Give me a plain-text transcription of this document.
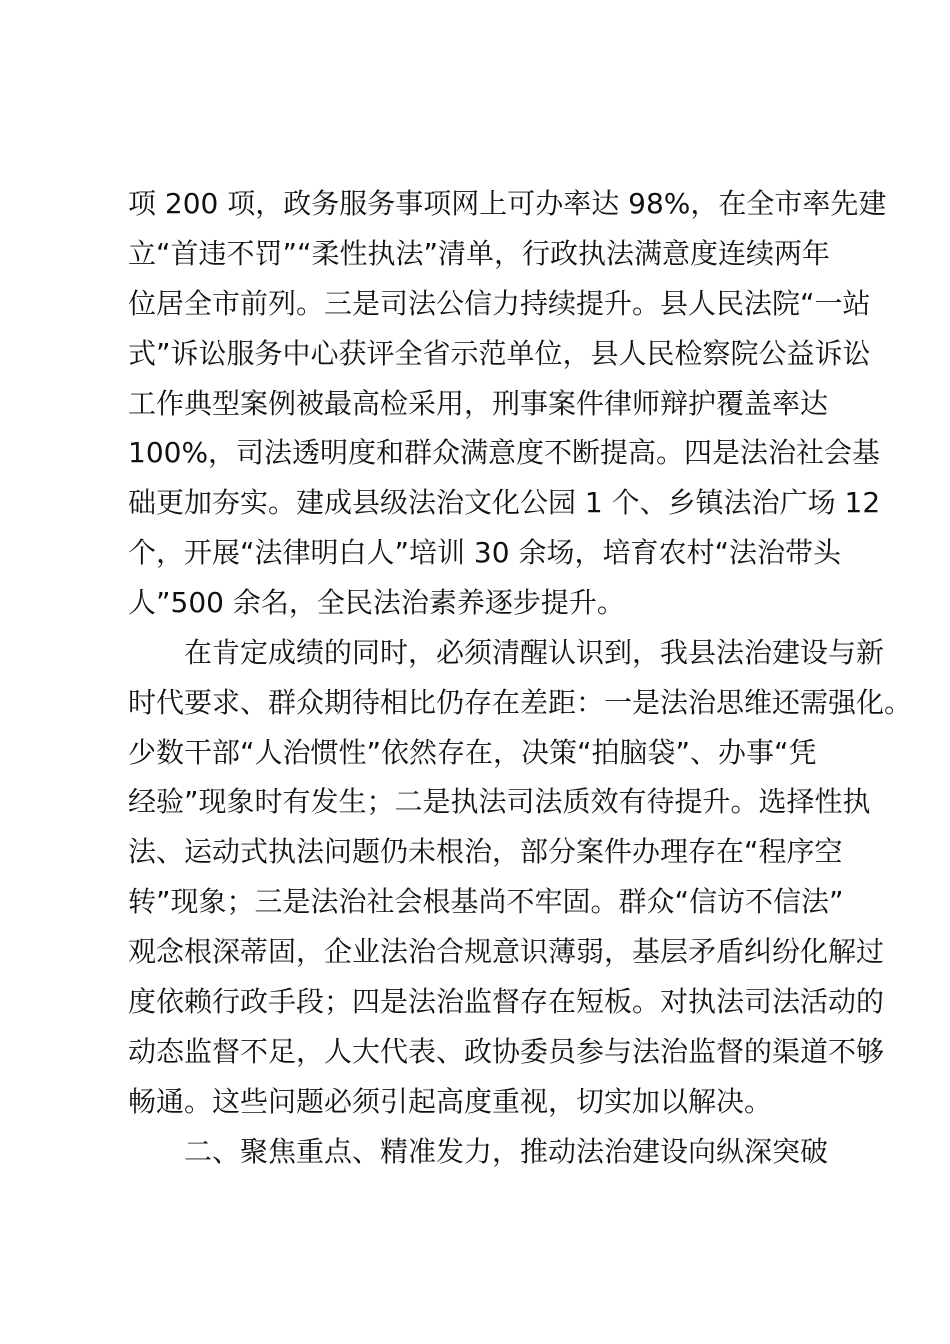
项 200 项，政务服务事项网上可办率达 98%，在全市率先建
立“首违不罚”“柔性执法”清单，行政执法满意度连续两年
位居全市前列。三是司法公信力持续提升。县人民法院“一站
式”诉讼服务中心获评全省示范单位，县人民检察院公益诉讼
工作典型案例被最高检采用，刑事案件律师辩护覆盖率达
100%，司法透明度和群众满意度不断提高。四是法治社会基
础更加夯实。建成县级法治文化公园 1 个、乡镇法治广场 12
个，开展“法律明白人”培训 30 余场，培育农村“法治带头
人”500 余名，全民法治素养逐步提升。
在肯定成绩的同时，必须清醒认识到，我县法治建设与新
时代要求、群众期待相比仍存在差距：一是法治思维还需强化。
少数干部“人治惯性”依然存在，决策“拍脑袋”、办事“凭
经验”现象时有发生；二是执法司法质效有待提升。选择性执
法、运动式执法问题仍未根治，部分案件办理存在“程序空
转”现象；三是法治社会根基尚不牢固。群众“信访不信法”
观念根深蒂固，企业法治合规意识薄弱，基层矛盾纠纷化解过
度依赖行政手段；四是法治监督存在短板。对执法司法活动的
动态监督不足，人大代表、政协委员参与法治监督的渠道不够
畅通。这些问题必须引起高度重视，切实加以解决。
二、聚焦重点、精准发力，推动法治建设向纵深突破
